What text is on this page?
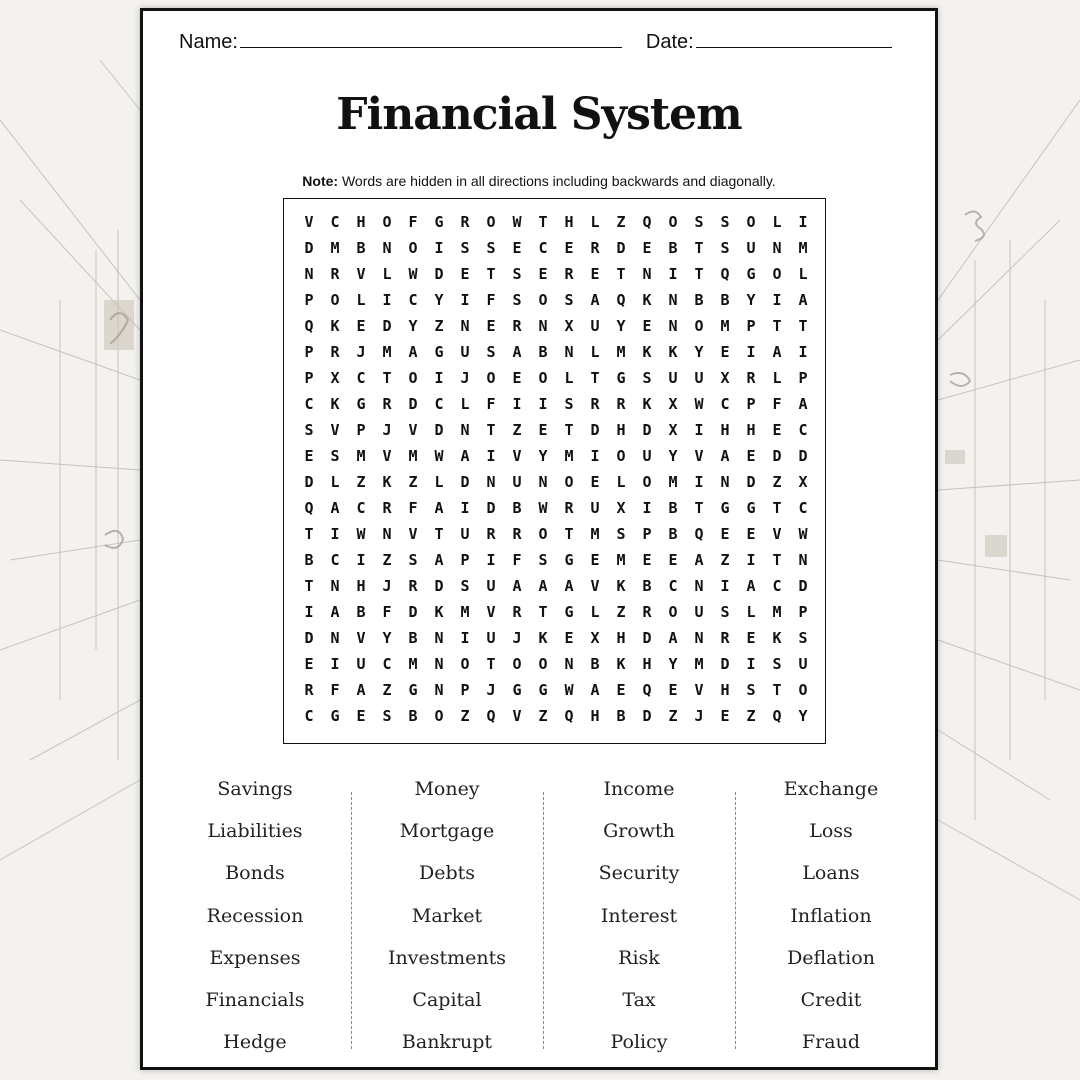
Name:	Date:
Financial System
Note: Words are hidden in all directions including backwards and diagonally.
V	C	H	O	F	G	R	O	W	T	H	L	Z	Q	O	S	S	O	L	I
D	M	B	N	O	I	S	S	E	C	E	R	D	E	B	T	S	U	N	M
N	R	V	L	W	D	E	T	S	E	R	E	T	N	I	T	Q	G	O	L
P	O	L	I	C	Y	I	F	S	O	S	A	Q	K	N	B	B	Y	I	A
Q	K	E	D	Y	Z	N	E	R	N	X	U	Y	E	N	O	M	P	T	T
P	R	J	M	A	G	U	S	A	B	N	L	M	K	K	Y	E	I	A	I
P	X	C	T	O	I	J	O	E	O	L	T	G	S	U	U	X	R	L	P
C	K	G	R	D	C	L	F	I	I	S	R	R	K	X	W	C	P	F	A
S	V	P	J	V	D	N	T	Z	E	T	D	H	D	X	I	H	H	E	C
E	S	M	V	M	W	A	I	V	Y	M	I	O	U	Y	V	A	E	D	D
D	L	Z	K	Z	L	D	N	U	N	O	E	L	O	M	I	N	D	Z	X
Q	A	C	R	F	A	I	D	B	W	R	U	X	I	B	T	G	G	T	C
T	I	W	N	V	T	U	R	R	O	T	M	S	P	B	Q	E	E	V	W
B	C	I	Z	S	A	P	I	F	S	G	E	M	E	E	A	Z	I	T	N
T	N	H	J	R	D	S	U	A	A	A	V	K	B	C	N	I	A	C	D
I	A	B	F	D	K	M	V	R	T	G	L	Z	R	O	U	S	L	M	P
D	N	V	Y	B	N	I	U	J	K	E	X	H	D	A	N	R	E	K	S
E	I	U	C	M	N	O	T	O	O	N	B	K	H	Y	M	D	I	S	U
R	F	A	Z	G	N	P	J	G	G	W	A	E	Q	E	V	H	S	T	O
C	G	E	S	B	O	Z	Q	V	Z	Q	H	B	D	Z	J	E	Z	Q	Y
Savings
Liabilities
Bonds
Recession
Expenses
Financials
Hedge
Money
Mortgage
Debts
Market
Investments
Capital
Bankrupt
Income
Growth
Security
Interest
Risk
Tax
Policy
Exchange
Loss
Loans
Inflation
Deflation
Credit
Fraud
